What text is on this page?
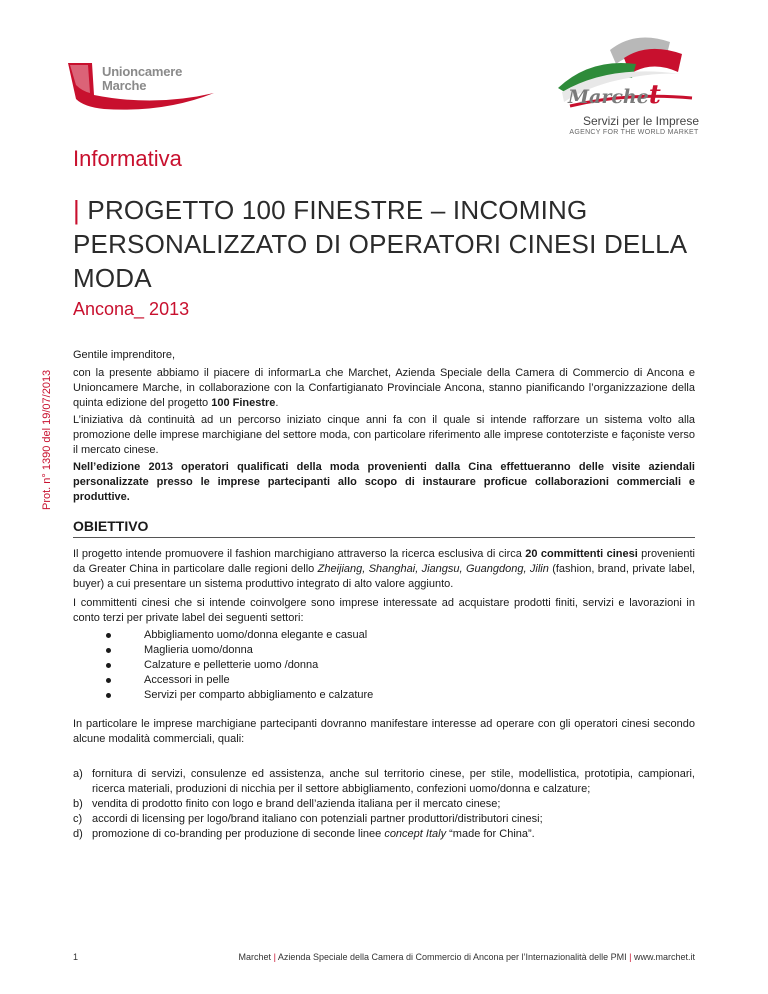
Unioncamere
Marche
Marchet
Servizi per le Imprese
AGENCY FOR THE WORLD MARKET
Informativa
| PROGETTO 100 FINESTRE – INCOMING PERSONALIZZATO DI OPERATORI CINESI DELLA MODA
Ancona_ 2013
Prot. n° 1390 del 19/07/2013
Gentile imprenditore,
con la presente abbiamo il piacere di informarLa che Marchet, Azienda Speciale della Camera di Commercio di Ancona e Unioncamere Marche, in collaborazione con la Confartigianato Provinciale Ancona, stanno pianificando l’organizzazione della quinta edizione del progetto 100 Finestre.
L’iniziativa dà continuità ad un percorso iniziato cinque anni fa con il quale si intende rafforzare un sistema volto alla promozione delle imprese marchigiane del settore moda, con particolare riferimento alle imprese contoterziste e façoniste verso il mercato cinese.
Nell’edizione 2013 operatori qualificati della moda provenienti dalla Cina effettueranno delle visite aziendali personalizzate presso le imprese partecipanti allo scopo di instaurare proficue collaborazioni commerciali e produttive.
OBIETTIVO
Il progetto intende promuovere il fashion marchigiano attraverso la ricerca esclusiva di circa 20 committenti cinesi provenienti da Greater China in particolare dalle regioni dello Zheijiang, Shanghai, Jiangsu, Guangdong, Jilin (fashion, brand, private label, buyer) a cui presentare un sistema produttivo integrato di alto valore aggiunto.
I committenti cinesi che si intende coinvolgere sono imprese interessate ad acquistare prodotti finiti, servizi e lavorazioni in conto terzi per private label dei seguenti settori:
Abbigliamento uomo/donna elegante e casual
Maglieria uomo/donna
Calzature e pelletterie uomo /donna
Accessori in pelle
Servizi per comparto abbigliamento e calzature
In particolare le imprese marchigiane partecipanti dovranno manifestare interesse ad operare con gli operatori cinesi secondo alcune modalità commerciali, quali:
a) fornitura di servizi, consulenze ed assistenza, anche sul territorio cinese, per stile, modellistica, prototipia, campionari, ricerca materiali, produzioni di nicchia per il settore abbigliamento, confezioni uomo/donna e calzature;
b) vendita di prodotto finito con logo e brand dell’azienda italiana per il mercato cinese;
c) accordi di licensing per logo/brand italiano con potenziali partner produttori/distributori cinesi;
d) promozione di co-branding per produzione di seconde linee concept Italy “made for China”.
1	Marchet | Azienda Speciale della Camera di Commercio di Ancona per l’Internazionalità delle PMI | www.marchet.it
